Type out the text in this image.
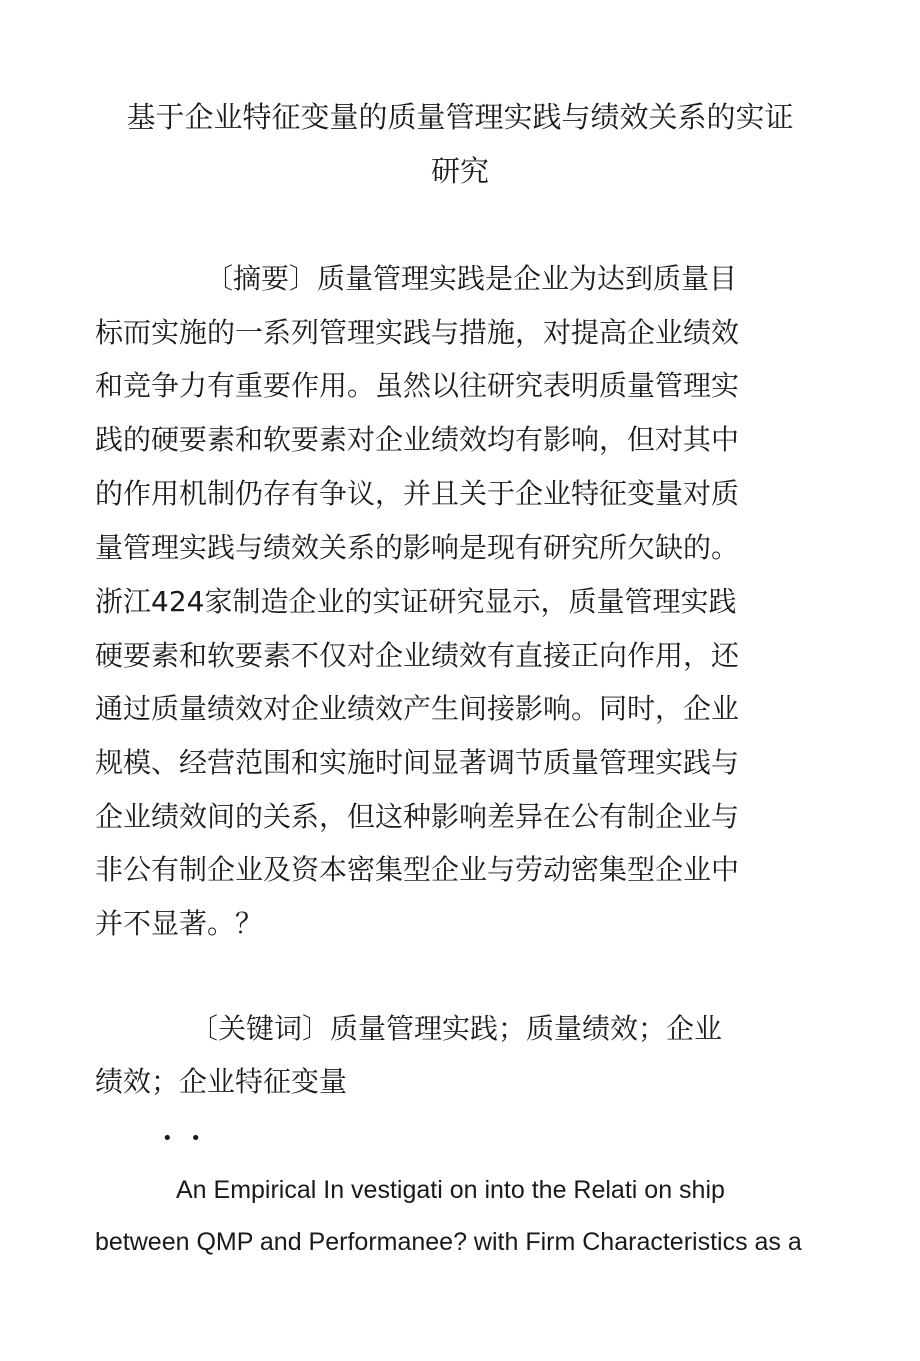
基于企业特征变量的质量管理实践与绩效关系的实证
研究
〔摘要〕质量管理实践是企业为达到质量目
标而实施的一系列管理实践与措施，对提高企业绩效
和竞争力有重要作用。虽然以往研究表明质量管理实
践的硬要素和软要素对企业绩效均有影响，但对其中
的作用机制仍存有争议，并且关于企业特征变量对质
量管理实践与绩效关系的影响是现有研究所欠缺的。
浙江424家制造企业的实证研究显示，质量管理实践
硬要素和软要素不仅对企业绩效有直接正向作用，还
通过质量绩效对企业绩效产生间接影响。同时，企业
规模、经营范围和实施时间显著调节质量管理实践与
企业绩效间的关系，但这种影响差异在公有制企业与
非公有制企业及资本密集型企业与劳动密集型企业中
并不显著。？
〔关键词〕质量管理实践；质量绩效；企业
绩效；企业特征变量
• •
An Empirical In vestigati on into the Relati on ship
between QMP and Performanee? with Firm Characteristics as a
